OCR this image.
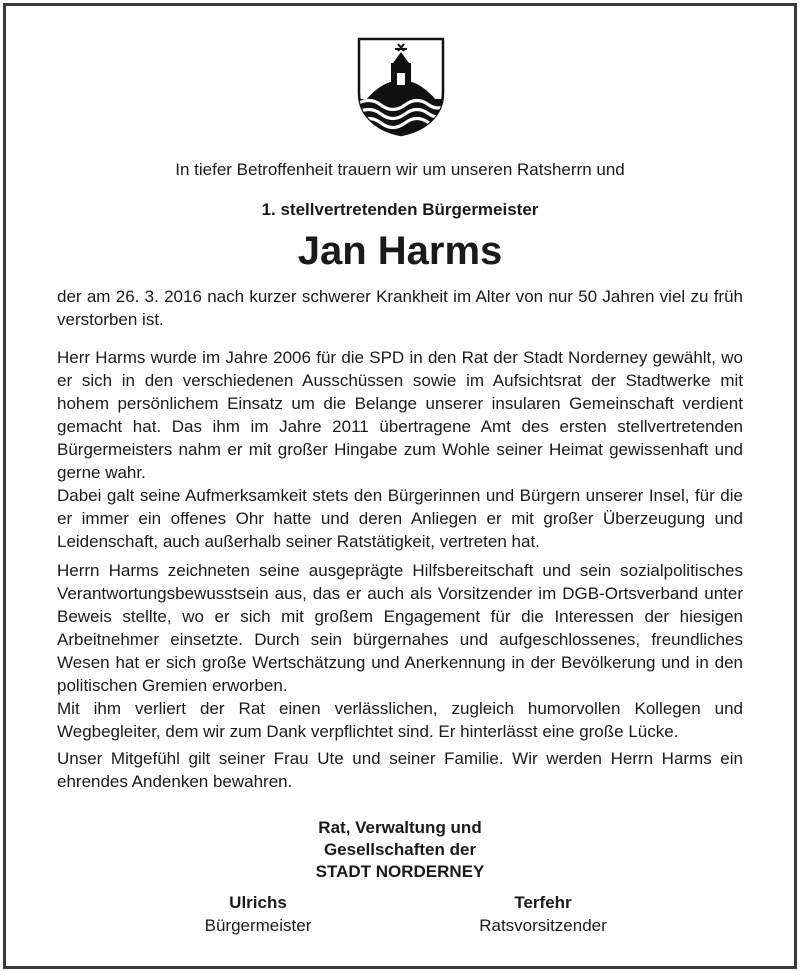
In tiefer Betroffenheit trauern wir um unseren Ratsherrn und

1. stellvertretenden Bürgermeister

Jan Harms

der am 26. 3. 2016 nach kurzer schwerer Krankheit im Alter von nur 50 Jahren viel zu früh verstorben ist.

Herr Harms wurde im Jahre 2006 für die SPD in den Rat der Stadt Norderney gewählt, wo er sich in den verschiedenen Ausschüssen sowie im Aufsichtsrat der Stadtwerke mit hohem persönlichem Einsatz um die Belange unserer insularen Gemeinschaft verdient gemacht hat. Das ihm im Jahre 2011 übertragene Amt des ersten stellvertretenden Bürgermeisters nahm er mit großer Hingabe zum Wohle seiner Heimat gewissenhaft und gerne wahr.
Dabei galt seine Aufmerksamkeit stets den Bürgerinnen und Bürgern unserer Insel, für die er immer ein offenes Ohr hatte und deren Anliegen er mit großer Überzeugung und Leidenschaft, auch außerhalb seiner Ratstätigkeit, vertreten hat.
Herrn Harms zeichneten seine ausgeprägte Hilfsbereitschaft und sein sozialpolitisches Verantwortungsbewusstsein aus, das er auch als Vorsitzender im DGB-Ortsverband unter Beweis stellte, wo er sich mit großem Engagement für die Interessen der hiesigen Arbeitnehmer einsetzte. Durch sein bürgernahes und aufgeschlossenes, freundliches Wesen hat er sich große Wertschätzung und Anerkennung in der Bevölkerung und in den politischen Gremien erworben.
Mit ihm verliert der Rat einen verlässlichen, zugleich humorvollen Kollegen und Wegbegleiter, dem wir zum Dank verpflichtet sind. Er hinterlässt eine große Lücke.

Unser Mitgefühl gilt seiner Frau Ute und seiner Familie. Wir werden Herrn Harms ein ehrendes Andenken bewahren.

Rat, Verwaltung und
Gesellschaften der
STADT NORDERNEY
Ulrichs
Bürgermeister
Terfehr
Ratsvorsitzender
